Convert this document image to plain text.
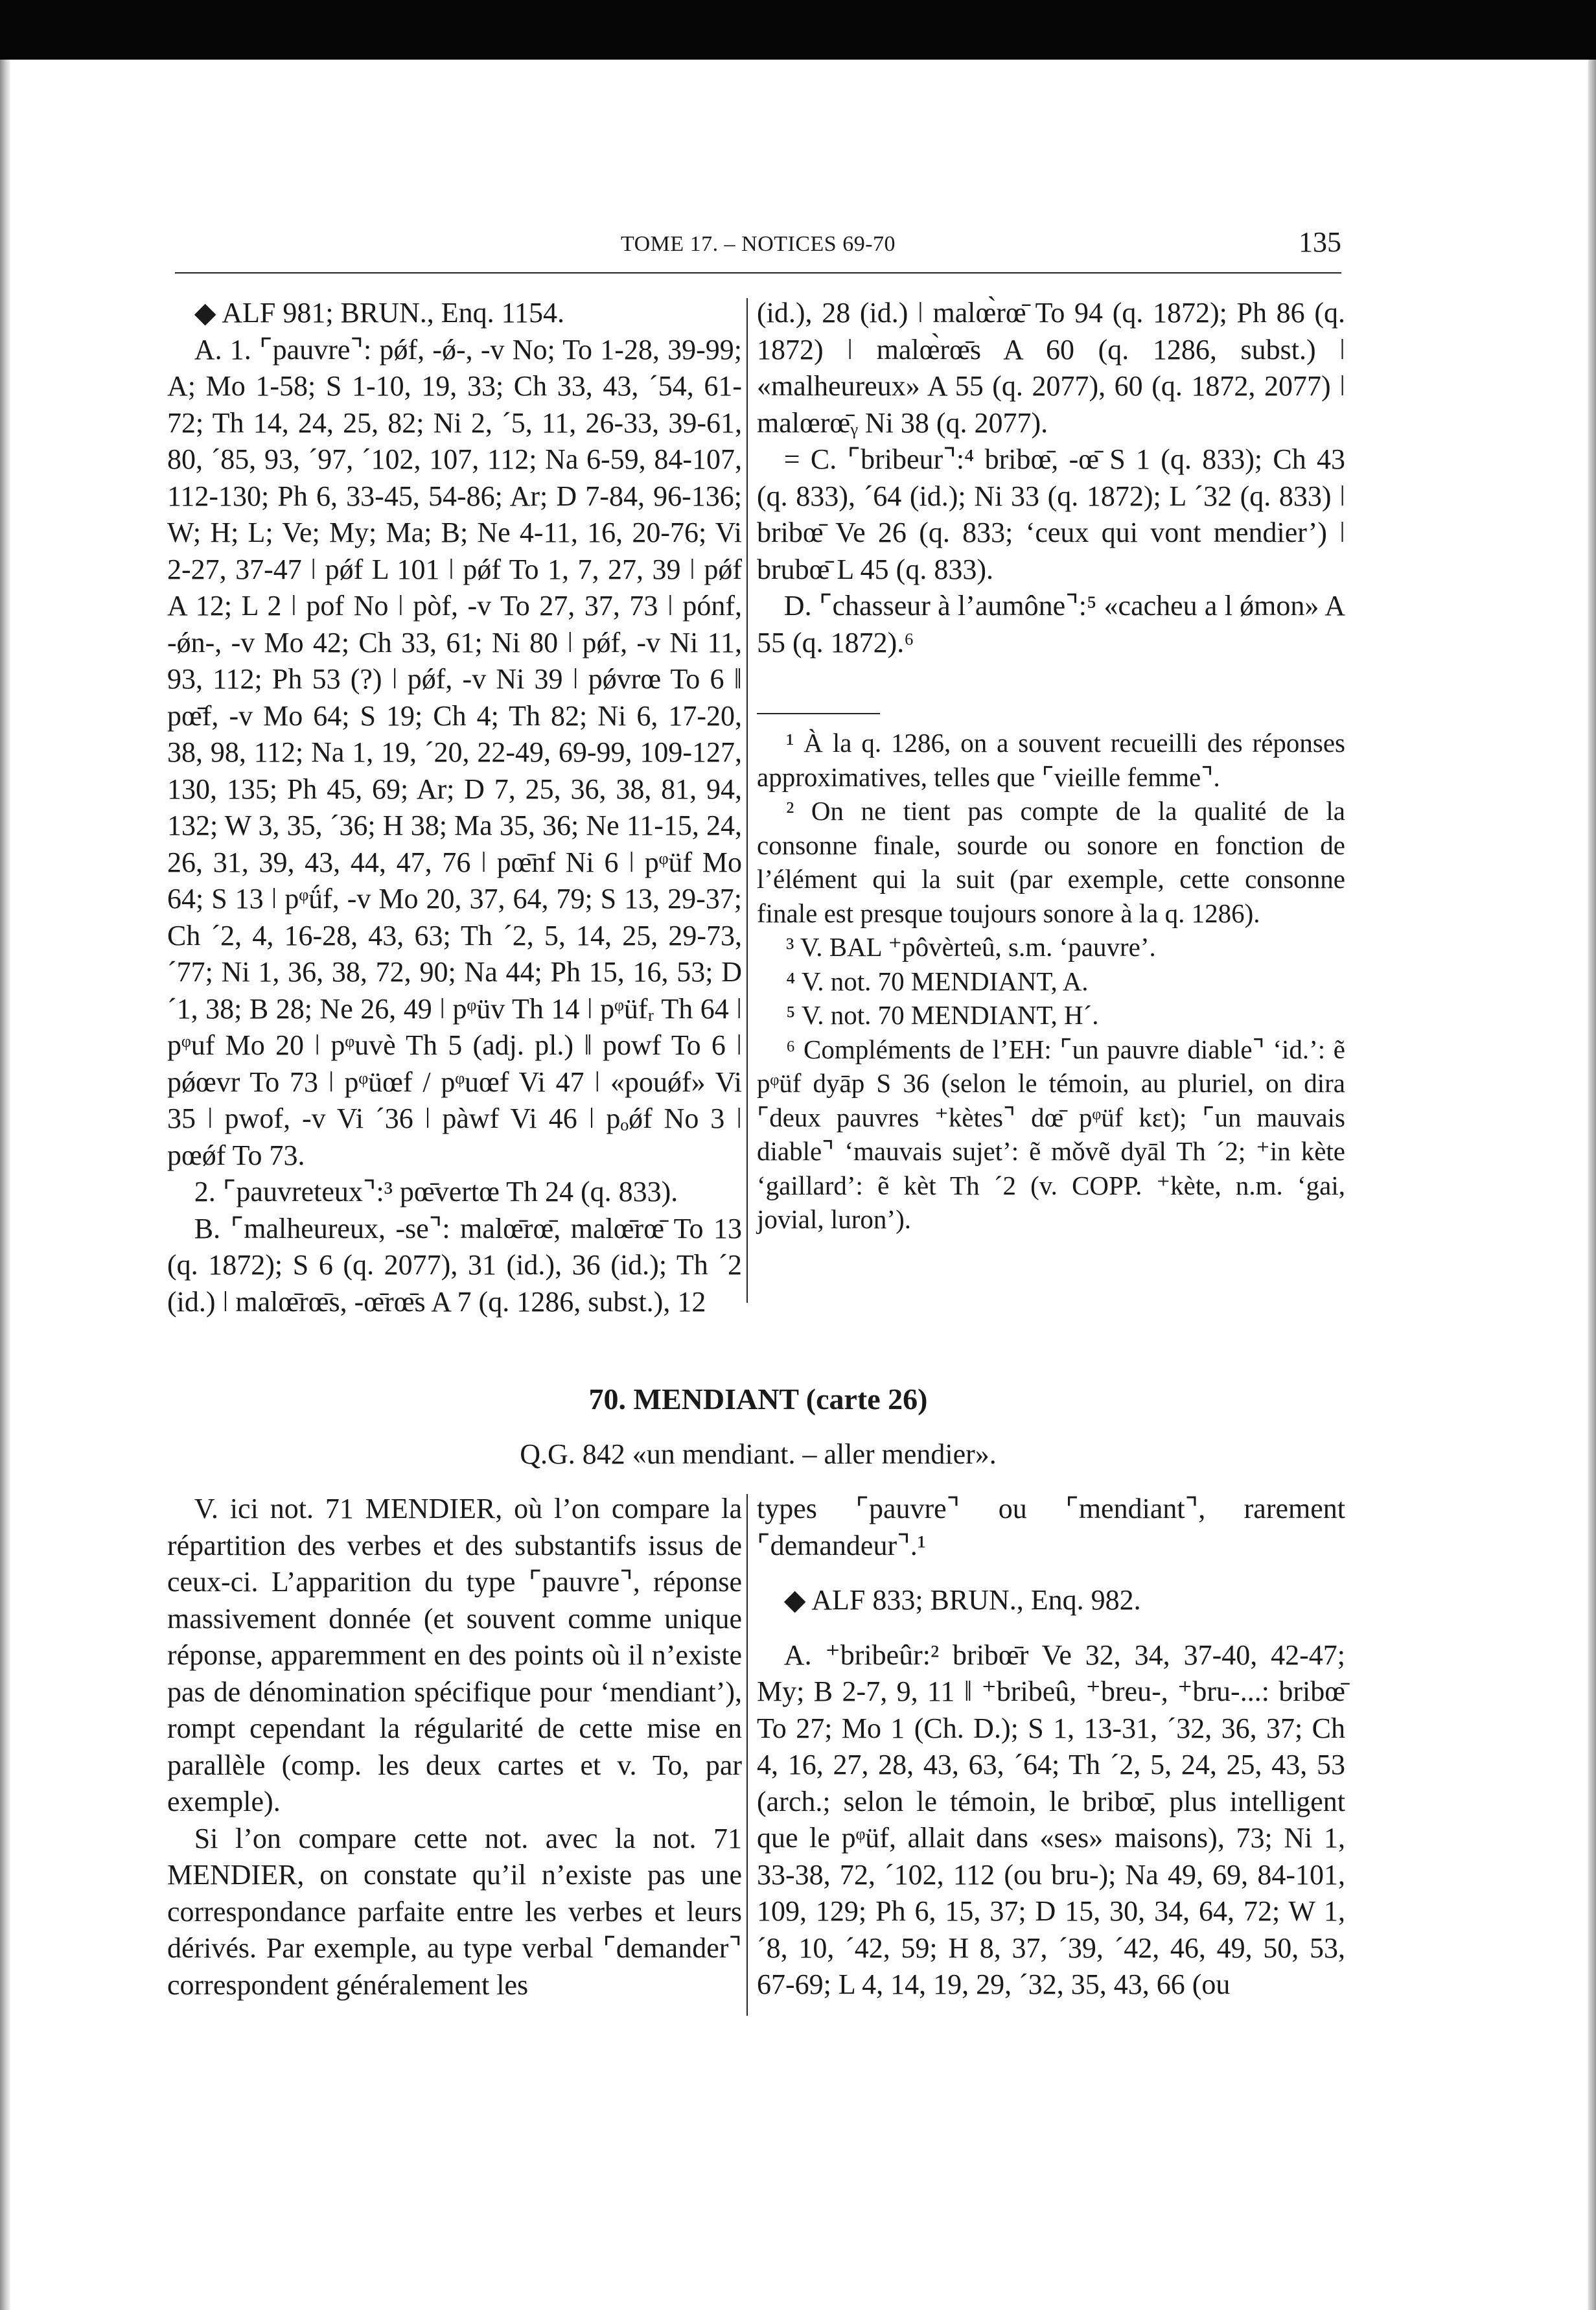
TOME 17. – NOTICES 69-70	135

◆ ALF 981; BRUN., Enq. 1154.

A. 1. ⌜pauvre⌝: pǿf, -ǿ-, -v No; To 1-28, 39-99; A; Mo 1-58; S 1-10, 19, 33; Ch 33, 43, ´54, 61-72; Th 14, 24, 25, 82; Ni 2, ´5, 11, 26-33, 39-61, 80, ´85, 93, ´97, ´102, 107, 112; Na 6-59, 84-107, 112-130; Ph 6, 33-45, 54-86; Ar; D 7-84, 96-136; W; H; L; Ve; My; Ma; B; Ne 4-11, 16, 20-76; Vi 2-27, 37-47 ǀ pǿf L 101 ǀ pǿf To 1, 7, 27, 39 ǀ pǿf A 12; L 2 ǀ pof No ǀ pòf, -v To 27, 37, 73 ǀ pónf, -ǿn-, -v Mo 42; Ch 33, 61; Ni 80 ǀ pǿf, -v Ni 11, 93, 112; Ph 53 (?) ǀ pǿf, -v Ni 39 ǀ pǿvrœ To 6 ǁ pœ̄f, -v Mo 64; S 19; Ch 4; Th 82; Ni 6, 17-20, 38, 98, 112; Na 1, 19, ´20, 22-49, 69-99, 109-127, 130, 135; Ph 45, 69; Ar; D 7, 25, 36, 38, 81, 94, 132; W 3, 35, ´36; H 38; Ma 35, 36; Ne 11-15, 24, 26, 31, 39, 43, 44, 47, 76 ǀ pœ̄nf Ni 6 ǀ pᵠüf Mo 64; S 13 ǀ pᵠǘf, -v Mo 20, 37, 64, 79; S 13, 29-37; Ch ´2, 4, 16-28, 43, 63; Th ´2, 5, 14, 25, 29-73, ´77; Ni 1, 36, 38, 72, 90; Na 44; Ph 15, 16, 53; D ´1, 38; B 28; Ne 26, 49 ǀ pᵠüv Th 14 ǀ pᵠüfᵣ Th 64 ǀ pᵠuf Mo 20 ǀ pᵠuvè Th 5 (adj. pl.) ǁ powf To 6 ǀ pǿœvr To 73 ǀ pᵠüœf / pᵠuœf Vi 47 ǀ «pouǿf» Vi 35 ǀ pwof, -v Vi ´36 ǀ pàwf Vi 46 ǀ pₒǿf No 3 ǀ pœǿf To 73.

2. ⌜pauvreteux⌝:³ pœ̄vertœ Th 24 (q. 833).

B. ⌜malheureux, -se⌝: malœ̄rœ̄, malœ̄rœ̄ To 13 (q. 1872); S 6 (q. 2077), 31 (id.), 36 (id.); Th ´2 (id.) ǀ malœ̄rœ̄s, -œ̄rœ̄s A 7 (q. 1286, subst.), 12

(id.), 28 (id.) ǀ malœ̀rœ̄ To 94 (q. 1872); Ph 86 (q. 1872) ǀ malœ̀rœ̄s A 60 (q. 1286, subst.) ǀ «malheureux» A 55 (q. 2077), 60 (q. 1872, 2077) ǀ malœrœ̄ᵧ Ni 38 (q. 2077).

= C. ⌜bribeur⌝:⁴ bribœ̄, -œ̄ S 1 (q. 833); Ch 43 (q. 833), ´64 (id.); Ni 33 (q. 1872); L ´32 (q. 833) ǀ bribœ̄ Ve 26 (q. 833; ‘ceux qui vont mendier’) ǀ brubœ̄ L 45 (q. 833).

D. ⌜chasseur à l’aumône⌝:⁵ «cacheu a l ǿmon» A 55 (q. 1872).⁶

¹ À la q. 1286, on a souvent recueilli des réponses approximatives, telles que ⌜vieille femme⌝.

² On ne tient pas compte de la qualité de la consonne finale, sourde ou sonore en fonction de l’élément qui la suit (par exemple, cette consonne finale est presque toujours sonore à la q. 1286).

³ V. BAL ⁺pôvèrteû, s.m. ‘pauvre’.

⁴ V. not. 70 MENDIANT, A.

⁵ V. not. 70 MENDIANT, H´.

⁶ Compléments de l’EH: ⌜un pauvre diable⌝ ‘id.’: ẽ pᵠüf dyāp S 36 (selon le témoin, au pluriel, on dira ⌜deux pauvres ⁺kètes⌝ dœ̄ pᵠüf kɛt); ⌜un mauvais diable⌝ ‘mauvais sujet’: ẽ mǒvẽ dyāl Th ´2; ⁺in kète ‘gaillard’: ẽ kèt Th ´2 (v. COPP. ⁺kète, n.m. ‘gai, jovial, luron’).

70. MENDIANT (carte 26)
Q.G. 842 «un mendiant. – aller mendier».

V. ici not. 71 MENDIER, où l’on compare la répartition des verbes et des substantifs issus de ceux-ci. L’apparition du type ⌜pauvre⌝, réponse massivement donnée (et souvent comme unique réponse, apparemment en des points où il n’existe pas de dénomination spécifique pour ‘mendiant’), rompt cependant la régularité de cette mise en parallèle (comp. les deux cartes et v. To, par exemple).

Si l’on compare cette not. avec la not. 71 MENDIER, on constate qu’il n’existe pas une correspondance parfaite entre les verbes et leurs dérivés. Par exemple, au type verbal ⌜demander⌝ correspondent généralement les

types ⌜pauvre⌝ ou ⌜mendiant⌝, rarement ⌜demandeur⌝.¹

◆ ALF 833; BRUN., Enq. 982.

A. ⁺bribeûr:² bribœ̄r Ve 32, 34, 37-40, 42-47; My; B 2-7, 9, 11 ǁ ⁺bribeû, ⁺breu-, ⁺bru-...: bribœ̄ To 27; Mo 1 (Ch. D.); S 1, 13-31, ´32, 36, 37; Ch 4, 16, 27, 28, 43, 63, ´64; Th ´2, 5, 24, 25, 43, 53 (arch.; selon le témoin, le bribœ̄, plus intelligent que le pᵠüf, allait dans «ses» maisons), 73; Ni 1, 33-38, 72, ´102, 112 (ou bru-); Na 49, 69, 84-101, 109, 129; Ph 6, 15, 37; D 15, 30, 34, 64, 72; W 1, ´8, 10, ´42, 59; H 8, 37, ´39, ´42, 46, 49, 50, 53, 67-69; L 4, 14, 19, 29, ´32, 35, 43, 66 (ou
